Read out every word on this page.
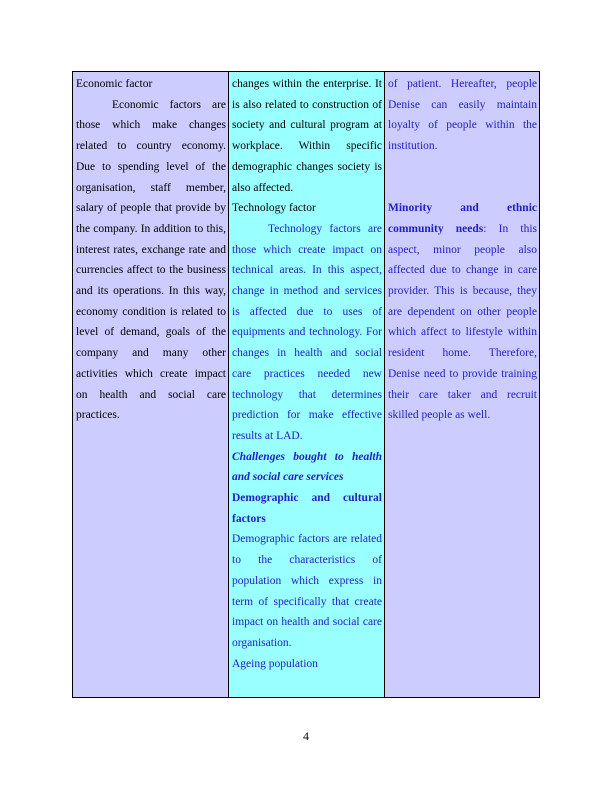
Economic factor

Economic factors are those which make changes related to country economy. Due to spending level of the organisation, staff member, salary of people that provide by the company. In addition to this, interest rates, exchange rate and currencies affect to the business and its operations. In this way, economy condition is related to level of demand, goals of the company and many other activities which create impact on health and social care practices.

changes within the enterprise. It is also related to construction of society and cultural program at workplace. Within specific demographic changes society is also affected.

Technology factor

Technology factors are those which create impact on technical areas. In this aspect, change in method and services is affected due to uses of equipments and technology. For changes in health and social care practices needed new technology that determines prediction for make effective results at LAD.

Challenges bought to health and social care services

Demographic and cultural factors

Demographic factors are related to the characteristics of population which express in term of specifically that create impact on health and social care organisation.

Ageing population

of patient. Hereafter, people Denise can easily maintain loyalty of people within the institution.

Minority and ethnic community needs: In this aspect, minor people also affected due to change in care provider. This is because, they are dependent on other people which affect to lifestyle within resident home. Therefore, Denise need to provide training their care taker and recruit skilled people as well.

4
